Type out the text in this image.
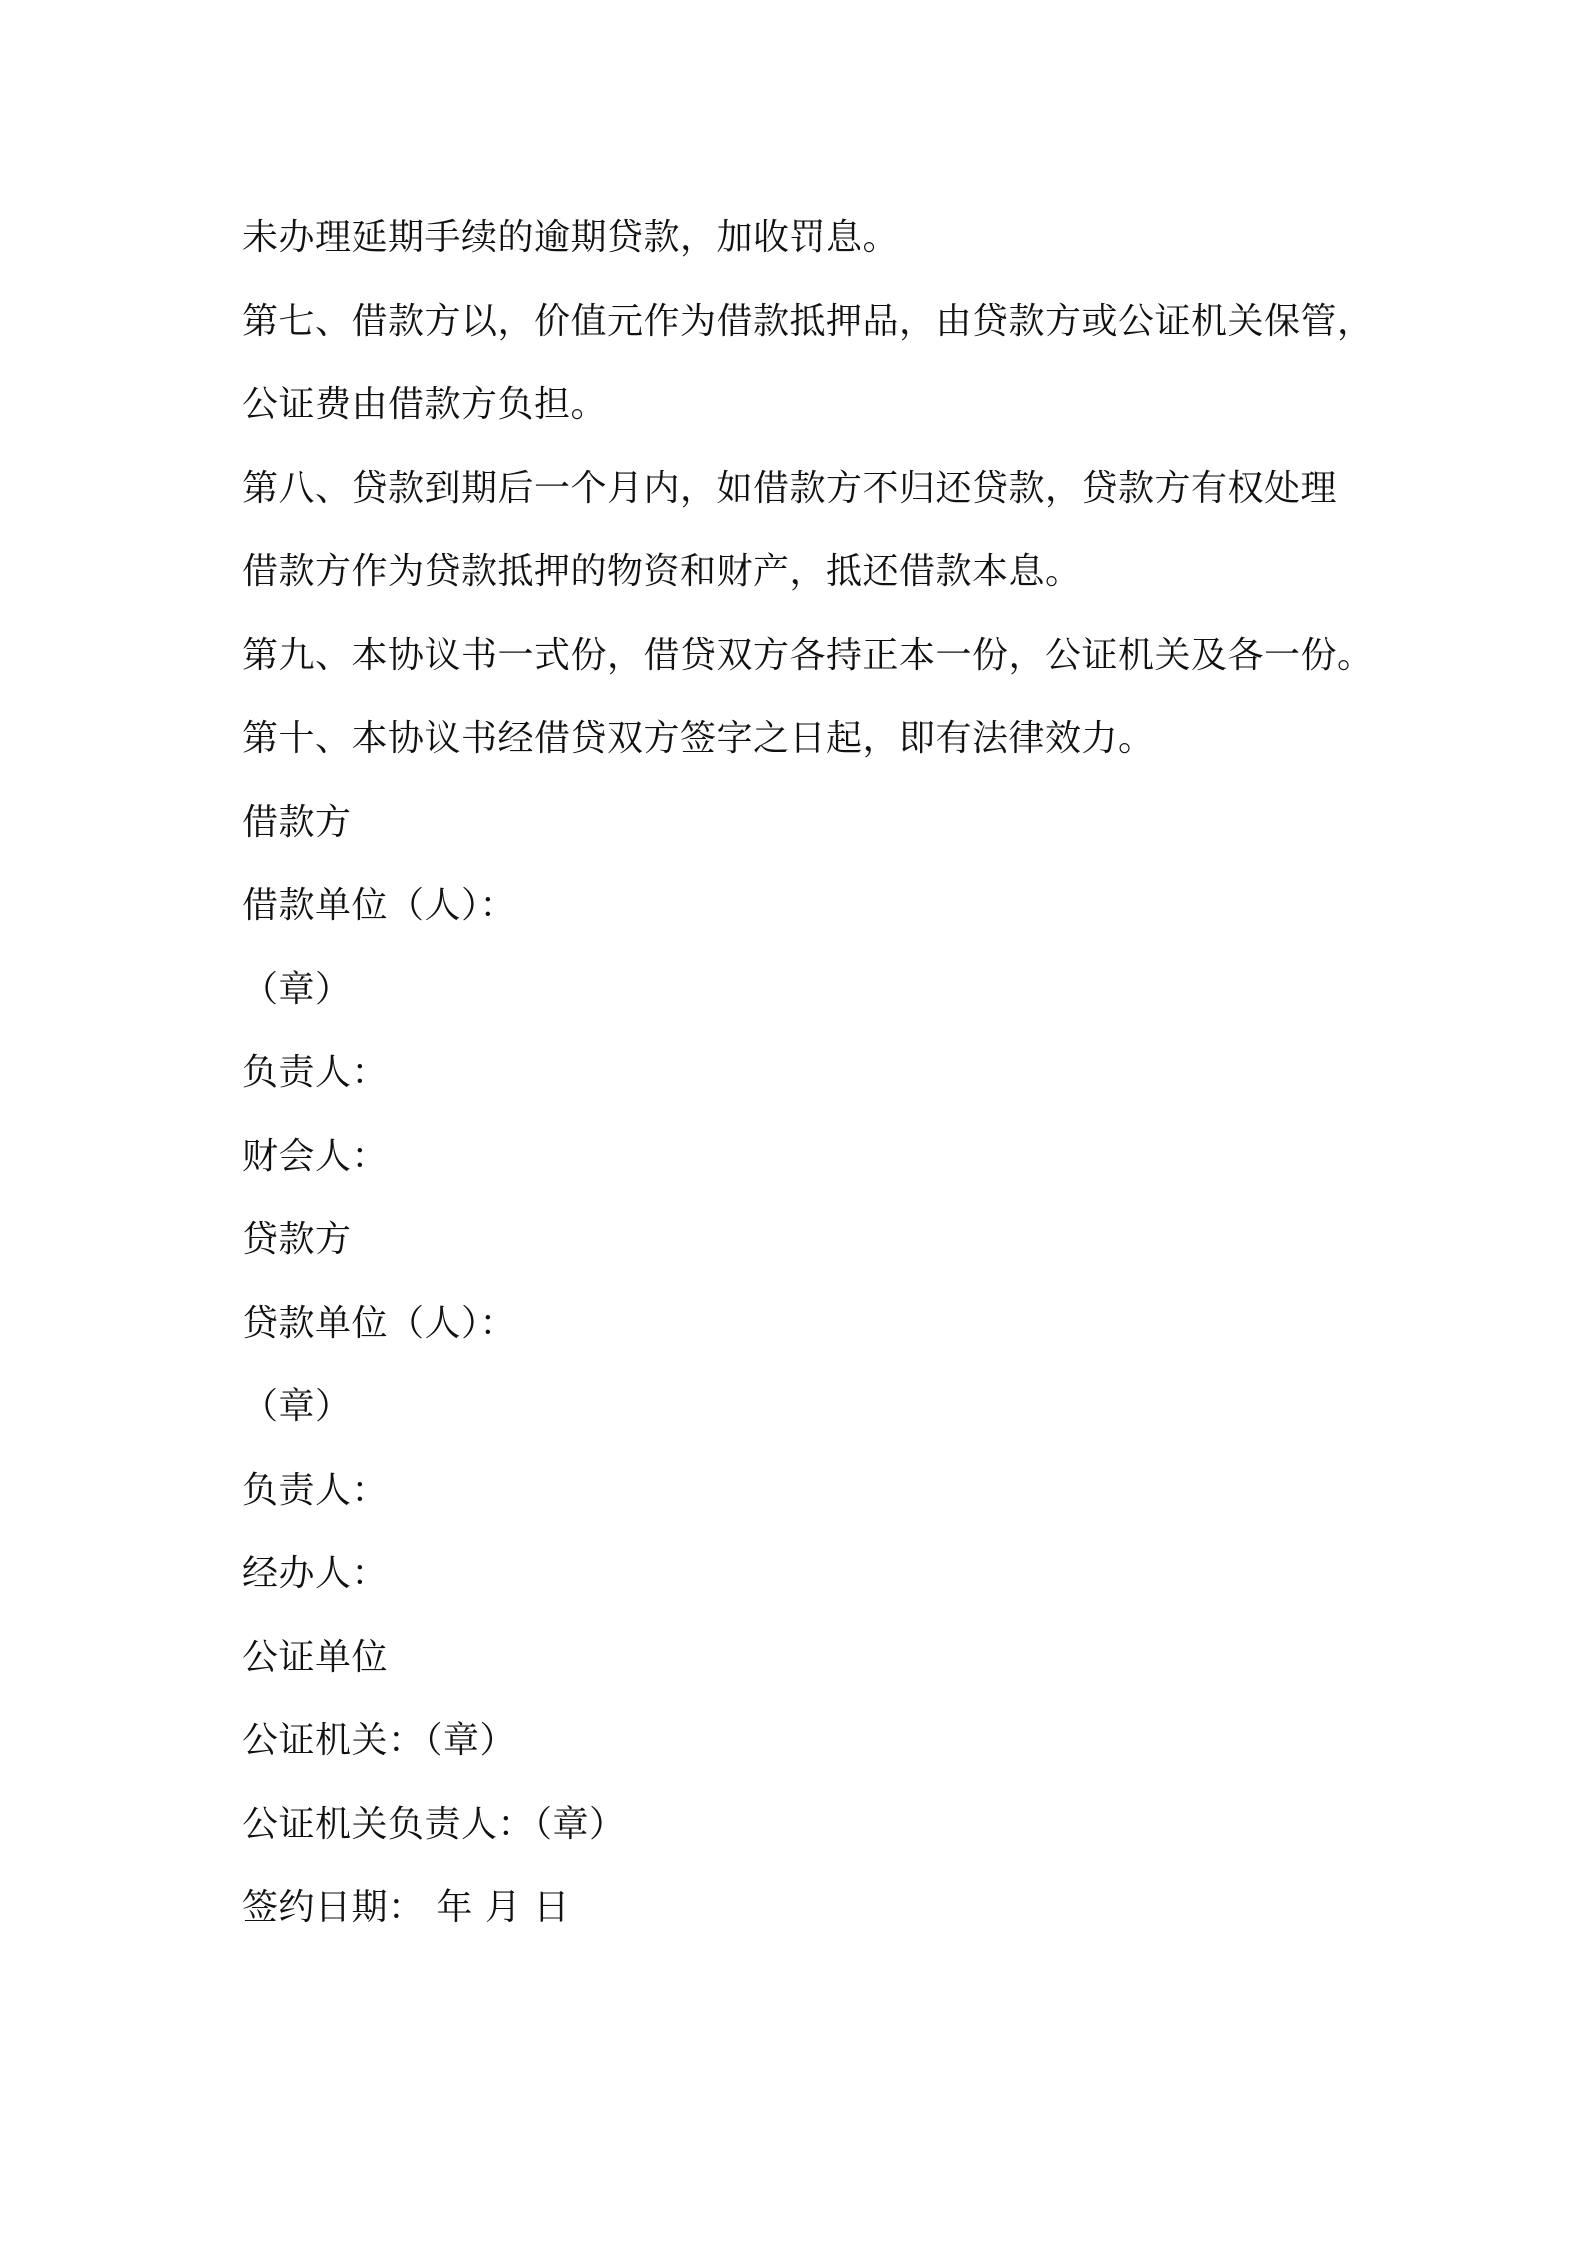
未办理延期手续的逾期贷款，加收罚息。
第七、借款方以，价值元作为借款抵押品，由贷款方或公证机关保管，
公证费由借款方负担。
第八、贷款到期后一个月内，如借款方不归还贷款，贷款方有权处理
借款方作为贷款抵押的物资和财产，抵还借款本息。
第九、本协议书一式份，借贷双方各持正本一份，公证机关及各一份。
第十、本协议书经借贷双方签字之日起，即有法律效力。
借款方
借款单位（人）：
（章）
负责人：
财会人：
贷款方
贷款单位（人）：
（章）
负责人：
经办人：
公证单位
公证机关：（章）
公证机关负责人：（章）
签约日期： 年 月 日
